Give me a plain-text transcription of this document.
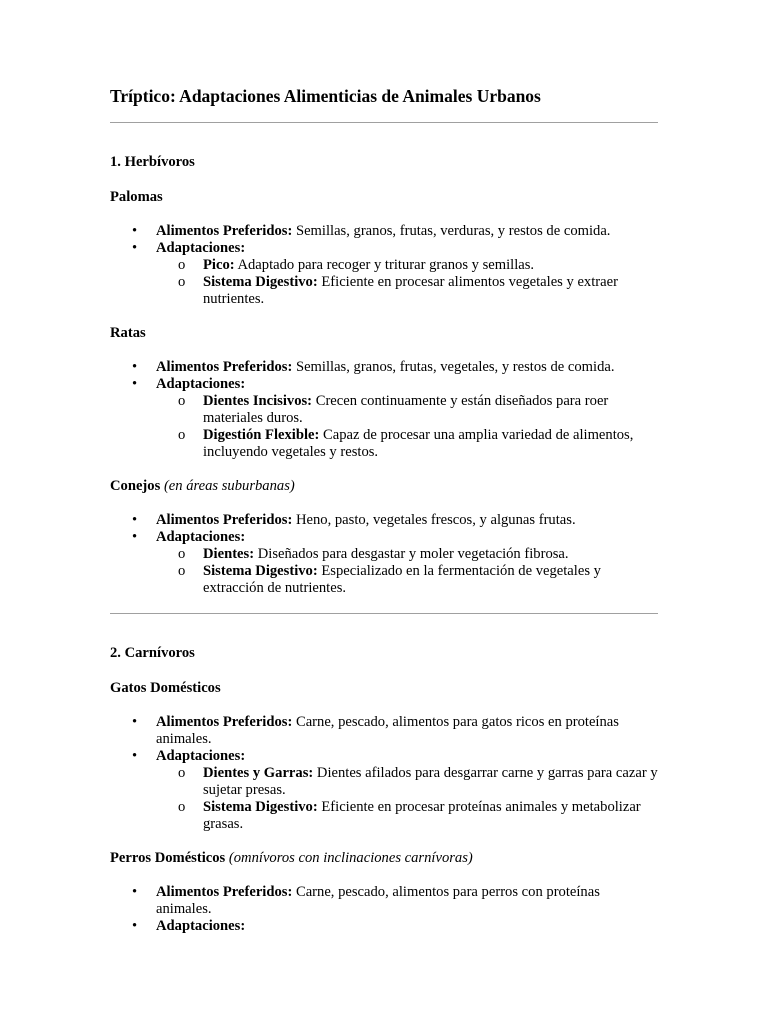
Tríptico: Adaptaciones Alimenticias de Animales Urbanos
1. Herbívoros
Palomas
• Alimentos Preferidos: Semillas, granos, frutas, verduras, y restos de comida.
• Adaptaciones:
o Pico: Adaptado para recoger y triturar granos y semillas.
o Sistema Digestivo: Eficiente en procesar alimentos vegetales y extraer nutrientes.
Ratas
• Alimentos Preferidos: Semillas, granos, frutas, vegetales, y restos de comida.
• Adaptaciones:
o Dientes Incisivos: Crecen continuamente y están diseñados para roer materiales duros.
o Digestión Flexible: Capaz de procesar una amplia variedad de alimentos, incluyendo vegetales y restos.
Conejos (en áreas suburbanas)
• Alimentos Preferidos: Heno, pasto, vegetales frescos, y algunas frutas.
• Adaptaciones:
o Dientes: Diseñados para desgastar y moler vegetación fibrosa.
o Sistema Digestivo: Especializado en la fermentación de vegetales y extracción de nutrientes.
2. Carnívoros
Gatos Domésticos
• Alimentos Preferidos: Carne, pescado, alimentos para gatos ricos en proteínas animales.
• Adaptaciones:
o Dientes y Garras: Dientes afilados para desgarrar carne y garras para cazar y sujetar presas.
o Sistema Digestivo: Eficiente en procesar proteínas animales y metabolizar grasas.
Perros Domésticos (omnívoros con inclinaciones carnívoras)
• Alimentos Preferidos: Carne, pescado, alimentos para perros con proteínas animales.
• Adaptaciones:
